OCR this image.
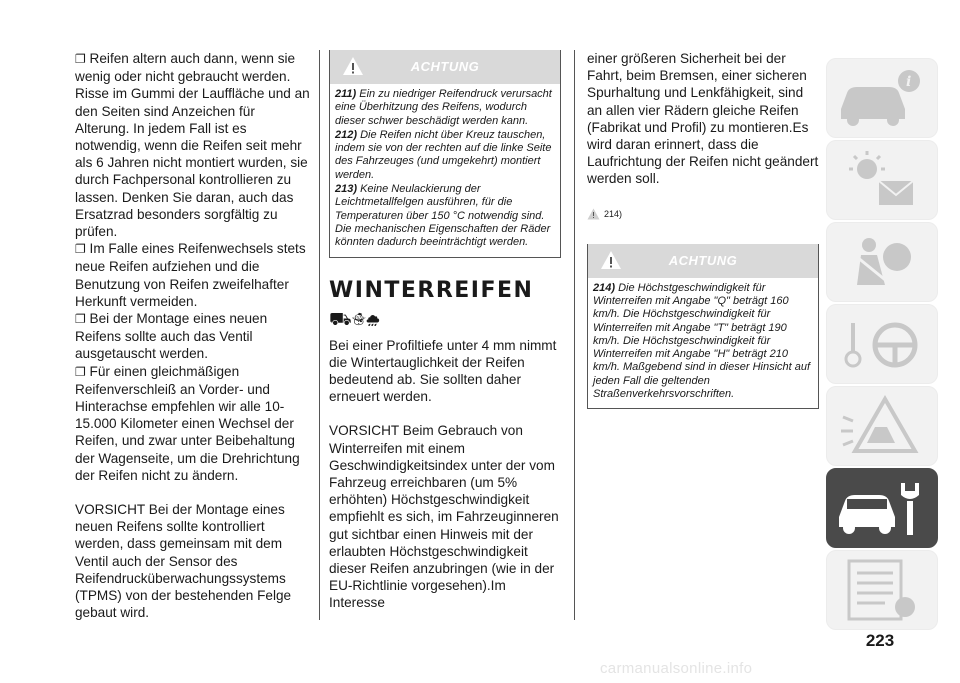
❐ Reifen altern auch dann, wenn sie wenig oder nicht gebraucht werden. Risse im Gummi der Lauffläche und an den Seiten sind Anzeichen für Alterung. In jedem Fall ist es notwendig, wenn die Reifen seit mehr als 6 Jahren nicht montiert wurden, sie durch Fachpersonal kontrollieren zu lassen. Denken Sie daran, auch das Ersatzrad besonders sorgfältig zu prüfen.

❐ Im Falle eines Reifenwechsels stets neue Reifen aufziehen und die Benutzung von Reifen zweifelhafter Herkunft vermeiden.

❐ Bei der Montage eines neuen Reifens sollte auch das Ventil ausgetauscht werden.

❐ Für einen gleichmäßigen Reifenverschleiß an Vorder- und Hinterachse empfehlen wir alle 10-15.000 Kilometer einen Wechsel der Reifen, und zwar unter Beibehaltung der Wagenseite, um die Drehrichtung der Reifen nicht zu ändern.

VORSICHT Bei der Montage eines neuen Reifens sollte kontrolliert werden, dass gemeinsam mit dem Ventil auch der Sensor des Reifendrucküberwachungssystems (TPMS) von der bestehenden Felge gebaut wird.

ACHTUNG

211) Ein zu niedriger Reifendruck verursacht eine Überhitzung des Reifens, wodurch dieser schwer beschädigt werden kann.

212) Die Reifen nicht über Kreuz tauschen, indem sie von der rechten auf die linke Seite des Fahrzeuges (und umgekehrt) montiert werden.

213) Keine Neulackierung der Leichtmetallfelgen ausführen, für die Temperaturen über 150 °C notwendig sind. Die mechanischen Eigenschaften der Räder könnten dadurch beeinträchtigt werden.

WINTERREIFEN
⛟☃⛆

Bei einer Profiltiefe unter 4 mm nimmt die Wintertauglichkeit der Reifen bedeutend ab. Sie sollten daher erneuert werden.

VORSICHT Beim Gebrauch von Winterreifen mit einem Geschwindigkeitsindex unter der vom Fahrzeug erreichbaren (um 5% erhöhten) Höchstgeschwindigkeit empfiehlt es sich, im Fahrzeuginneren gut sichtbar einen Hinweis mit der erlaubten Höchstgeschwindigkeit dieser Reifen anzubringen (wie in der EU-Richtlinie vorgesehen).Im Interesse

einer größeren Sicherheit bei der Fahrt, beim Bremsen, einer sicheren Spurhaltung und Lenkfähigkeit, sind an allen vier Rädern gleiche Reifen (Fabrikat und Profil) zu montieren.Es wird daran erinnert, dass die Laufrichtung der Reifen nicht geändert werden soll.

214)
ACHTUNG

214) Die Höchstgeschwindigkeit für Winterreifen mit Angabe "Q" beträgt 160 km/h. Die Höchstgeschwindigkeit für Winterreifen mit Angabe "T" beträgt 190 km/h. Die Höchstgeschwindigkeit für Winterreifen mit Angabe "H" beträgt 210 km/h. Maßgebend sind in dieser Hinsicht auf jeden Fall die geltenden Straßenverkehrsvorschriften.

i
223
carmanualsonline.info
